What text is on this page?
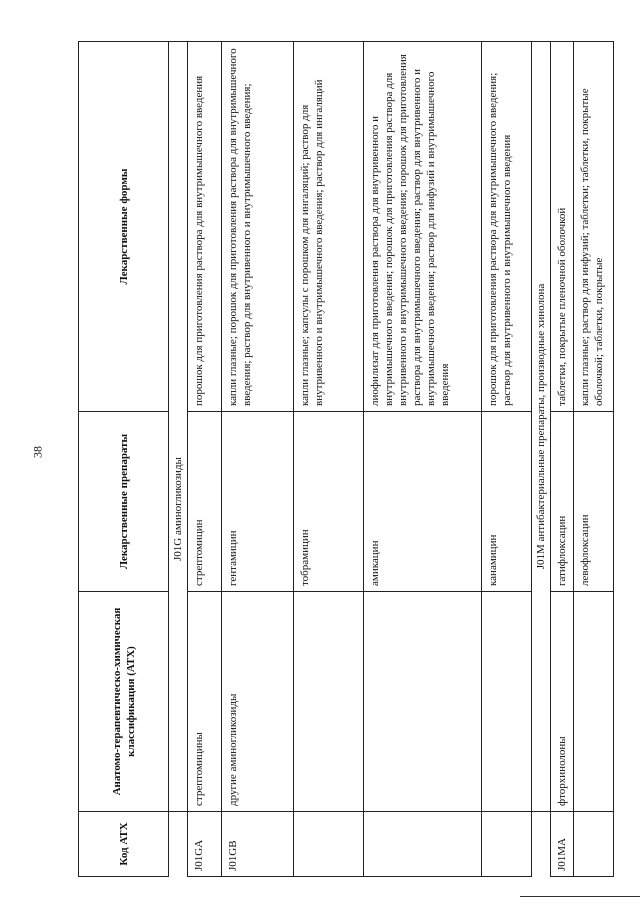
38
Код АТХ	Анатомо-терапевтическо-химическая классификация (АТХ)	Лекарственные препараты	Лекарственные формы
	J01G аминогликозиды		
J01GA	стрептомицины	стрептомицин	порошок для приготовления раствора для внутримышечного введения
J01GB	другие аминогликозиды	гентамицин	капли глазные; порошок для приготовления раствора для внутримышечного введения; раствор для внутривенного и внутримышечного введения;
		тобрамицин	капли глазные; капсулы с порошком для ингаляций; раствор для внутривенного и внутримышечного введения; раствор для ингаляций
		амикацин	лиофилизат для приготовления раствора для внутривенного и внутримышечного введения; порошок для приготовления раствора для внутривенного и внутримышечного введения; порошок для приготовления раствора для внутримышечного введения; раствор для внутривенного и внутримышечного введения; раствор для инфузий и внутримышечного введения
		канамицин	порошок для приготовления раствора для внутримышечного введения; раствор для внутривенного и внутримышечного введения
	J01M антибактериальные препараты, производные хинолона		
J01MA	фторхинолоны	гатифлоксацин	таблетки, покрытые пленочной оболочкой
		левофлоксацин	капли глазные; раствор для инфузий; таблетки; таблетки, покрытые оболочкой; таблетки, покрытые
